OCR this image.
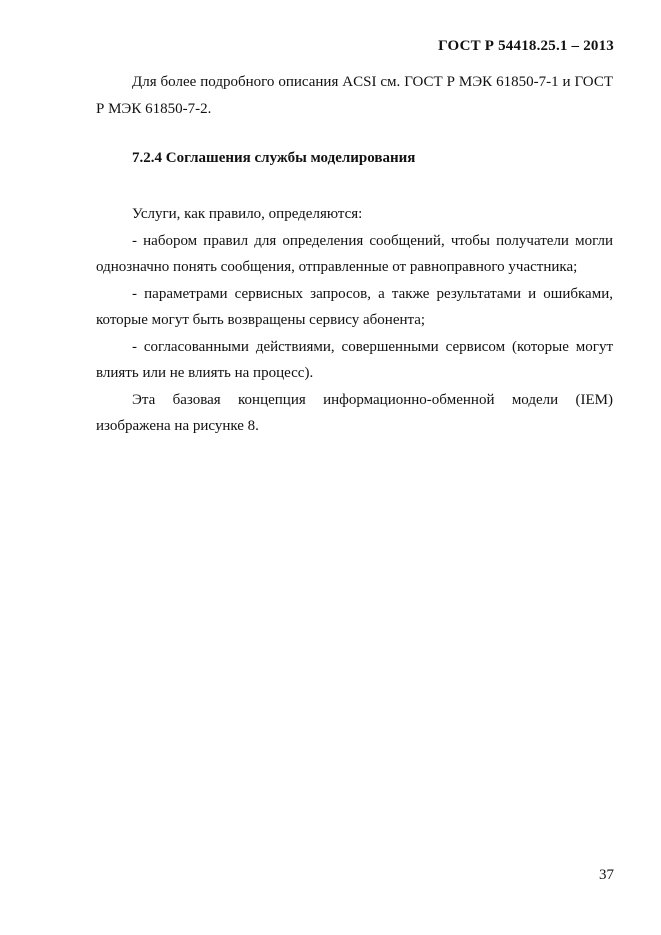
ГОСТ Р 54418.25.1 – 2013

Для более подробного описания ACSI см. ГОСТ Р МЭК 61850-7-1 и ГОСТ Р МЭК 61850-7-2.

7.2.4 Соглашения службы моделирования

Услуги, как правило, определяются:

- набором правил для определения сообщений, чтобы получатели могли однозначно понять сообщения, отправленные от равноправного участника;

- параметрами сервисных запросов, а также результатами и ошибками, которые могут быть возвращены сервису абонента;

- согласованными действиями, совершенными сервисом (которые могут влиять или не влиять на процесс).

Эта базовая концепция информационно-обменной модели (IEM) изображена на рисунке 8.

37
